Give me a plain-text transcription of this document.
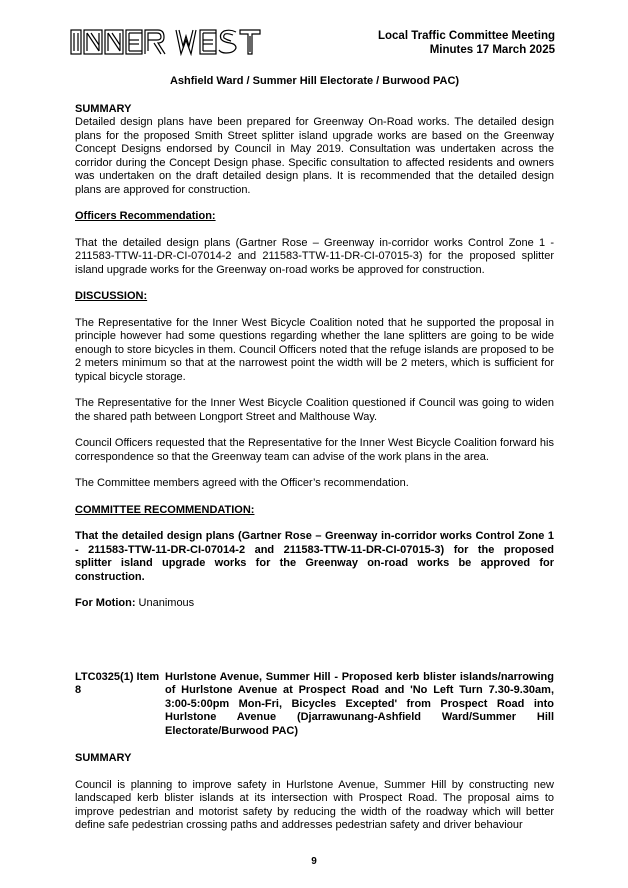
Local Traffic Committee Meeting
Minutes 17 March 2025

Ashfield Ward / Summer Hill Electorate / Burwood PAC)

SUMMARY

Detailed design plans have been prepared for Greenway On-Road works. The detailed design plans for the proposed Smith Street splitter island upgrade works are based on the Greenway Concept Designs endorsed by Council in May 2019. Consultation was undertaken across the corridor during the Concept Design phase. Specific consultation to affected residents and owners was undertaken on the draft detailed design plans. It is recommended that the detailed design plans are approved for construction.

Officers Recommendation:

That the detailed design plans (Gartner Rose – Greenway in-corridor works Control Zone 1 - 211583-TTW-11-DR-CI-07014-2 and 211583-TTW-11-DR-CI-07015-3) for the proposed splitter island upgrade works for the Greenway on-road works be approved for construction.

DISCUSSION:

The Representative for the Inner West Bicycle Coalition noted that he supported the proposal in principle however had some questions regarding whether the lane splitters are going to be wide enough to store bicycles in them. Council Officers noted that the refuge islands are proposed to be 2 meters minimum so that at the narrowest point the width will be 2 meters, which is sufficient for typical bicycle storage.

The Representative for the Inner West Bicycle Coalition questioned if Council was going to widen the shared path between Longport Street and Malthouse Way.

Council Officers requested that the Representative for the Inner West Bicycle Coalition forward his correspondence so that the Greenway team can advise of the work plans in the area.

The Committee members agreed with the Officer’s recommendation.

COMMITTEE RECOMMENDATION:

That the detailed design plans (Gartner Rose – Greenway in-corridor works Control Zone 1 - 211583-TTW-11-DR-CI-07014-2 and 211583-TTW-11-DR-CI-07015-3) for the proposed splitter island upgrade works for the Greenway on-road works be approved for construction.

For Motion: Unanimous

LTC0325(1) Item 8
Hurlstone Avenue, Summer Hill - Proposed kerb blister islands/narrowing of Hurlstone Avenue at Prospect Road and 'No Left Turn 7.30-9.30am, 3:00-5:00pm Mon-Fri, Bicycles Excepted' from Prospect Road into Hurlstone Avenue (Djarrawunang-Ashfield Ward/Summer Hill Electorate/Burwood PAC)

SUMMARY

Council is planning to improve safety in Hurlstone Avenue, Summer Hill by constructing new landscaped kerb blister islands at its intersection with Prospect Road. The proposal aims to improve pedestrian and motorist safety by reducing the width of the roadway which will better define safe pedestrian crossing paths and addresses pedestrian safety and driver behaviour

9
